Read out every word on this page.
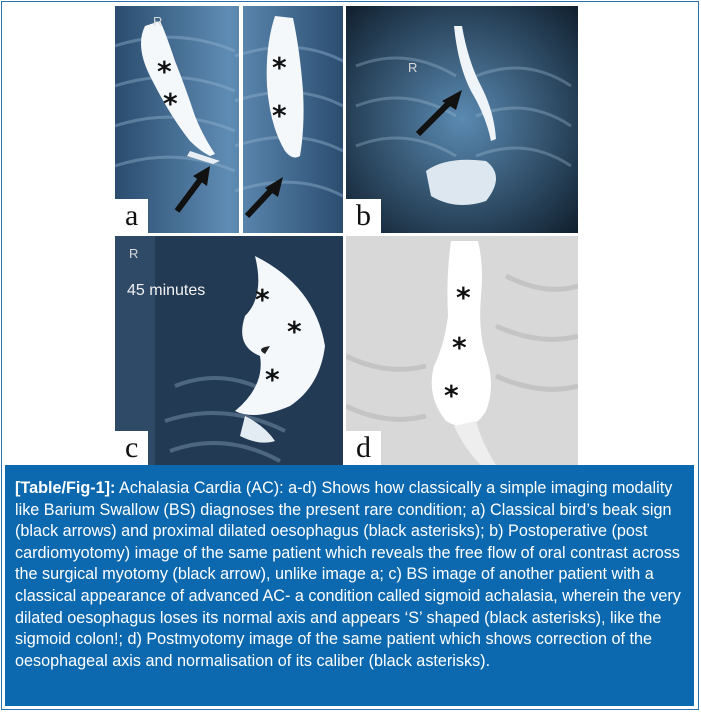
R
*
*
*
*
a
R
b
R
45 minutes *
*
*
c
*
*
*
d
[Table/Fig-1]: Achalasia Cardia (AC): a-d) Shows how classically a simple imaging modality like Barium Swallow (BS) diagnoses the present rare condition; a) Classical bird’s beak sign (black arrows) and proximal dilated oesophagus (black asterisks); b) Postoperative (post cardiomyotomy) image of the same patient which reveals the free flow of oral contrast across the surgical myotomy (black arrow), unlike image a; c) BS image of another patient with a classical appearance of advanced AC- a condition called sigmoid achalasia, wherein the very dilated oesophagus loses its normal axis and appears ‘S’ shaped (black asterisks), like the sigmoid colon!; d) Postmyotomy image of the same patient which shows correction of the oesophageal axis and normalisation of its caliber (black asterisks).
